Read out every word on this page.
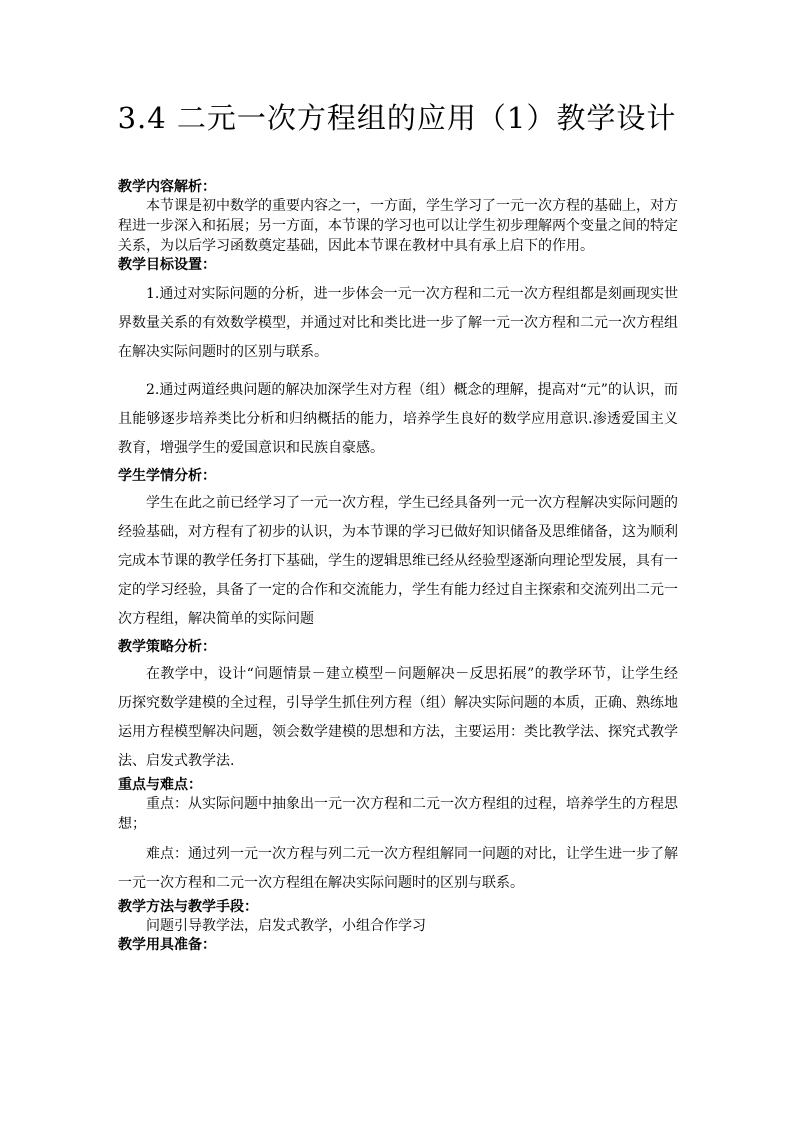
3.4 二元一次方程组的应用（1）教学设计

教学内容解析：

本节课是初中数学的重要内容之一，一方面，学生学习了一元一次方程的基础上，对方程进一步深入和拓展；另一方面，本节课的学习也可以让学生初步理解两个变量之间的特定关系，为以后学习函数奠定基础，因此本节课在教材中具有承上启下的作用。

教学目标设置：

1.通过对实际问题的分析，进一步体会一元一次方程和二元一次方程组都是刻画现实世界数量关系的有效数学模型，并通过对比和类比进一步了解一元一次方程和二元一次方程组在解决实际问题时的区别与联系。

2.通过两道经典问题的解决加深学生对方程（组）概念的理解，提高对“元”的认识，而且能够逐步培养类比分析和归纳概括的能力，培养学生良好的数学应用意识.渗透爱国主义教育，增强学生的爱国意识和民族自豪感。

学生学情分析：

学生在此之前已经学习了一元一次方程，学生已经具备列一元一次方程解决实际问题的经验基础，对方程有了初步的认识，为本节课的学习已做好知识储备及思维储备，这为顺利完成本节课的教学任务打下基础，学生的逻辑思维已经从经验型逐渐向理论型发展，具有一定的学习经验，具备了一定的合作和交流能力，学生有能力经过自主探索和交流列出二元一次方程组，解决简单的实际问题

教学策略分析：

在教学中，设计“问题情景－建立模型－问题解决－反思拓展”的教学环节，让学生经历探究数学建模的全过程，引导学生抓住列方程（组）解决实际问题的本质，正确、熟练地运用方程模型解决问题，领会数学建模的思想和方法，主要运用：类比教学法、探究式教学法、启发式教学法.

重点与难点：

重点：从实际问题中抽象出一元一次方程和二元一次方程组的过程，培养学生的方程思想；

难点：通过列一元一次方程与列二元一次方程组解同一问题的对比，让学生进一步了解一元一次方程和二元一次方程组在解决实际问题时的区别与联系。

教学方法与教学手段：

问题引导教学法，启发式教学，小组合作学习

教学用具准备：
